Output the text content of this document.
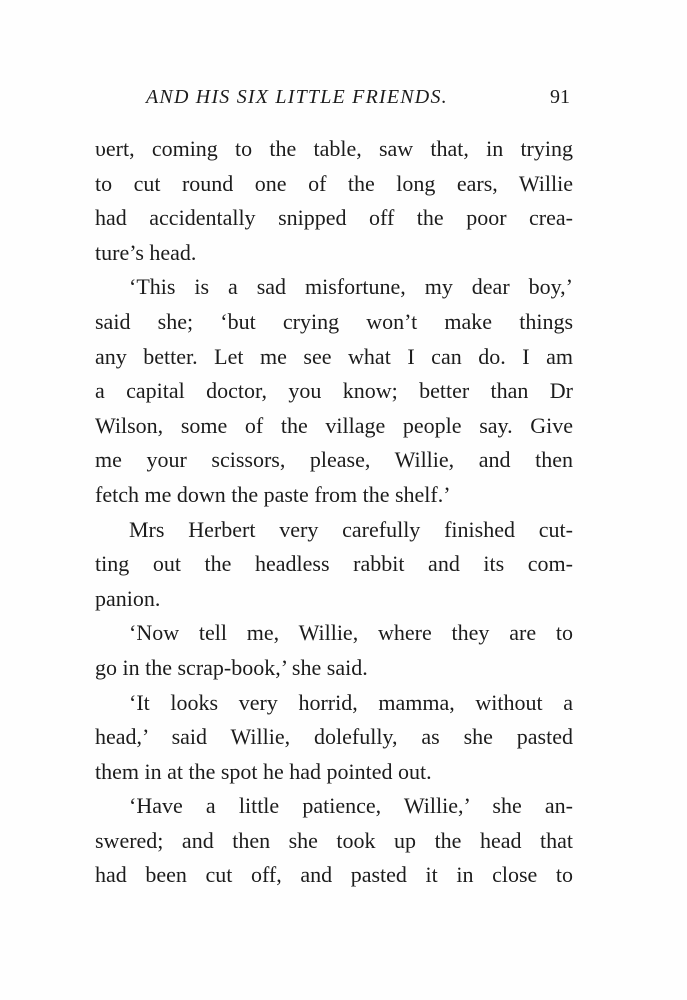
AND HIS SIX LITTLE FRIENDS.	91
υert, coming to the table, saw that, in trying
to cut round one of the long ears, Willie
had accidentally snipped off the poor crea-
ture’s head.
‘This is a sad misfortune, my dear boy,’
said she; ‘but crying won’t make things
any better. Let me see what I can do. I am
a capital doctor, you know; better than Dr
Wilson, some of the village people say. Give
me your scissors, please, Willie, and then
fetch me down the paste from the shelf.’
Mrs Herbert very carefully finished cut-
ting out the headless rabbit and its com-
panion.
‘Now tell me, Willie, where they are to
go in the scrap-book,’ she said.
‘It looks very horrid, mamma, without a
head,’ said Willie, dolefully, as she pasted
them in at the spot he had pointed out.
‘Have a little patience, Willie,’ she an-
swered; and then she took up the head that
had been cut off, and pasted it in close to
